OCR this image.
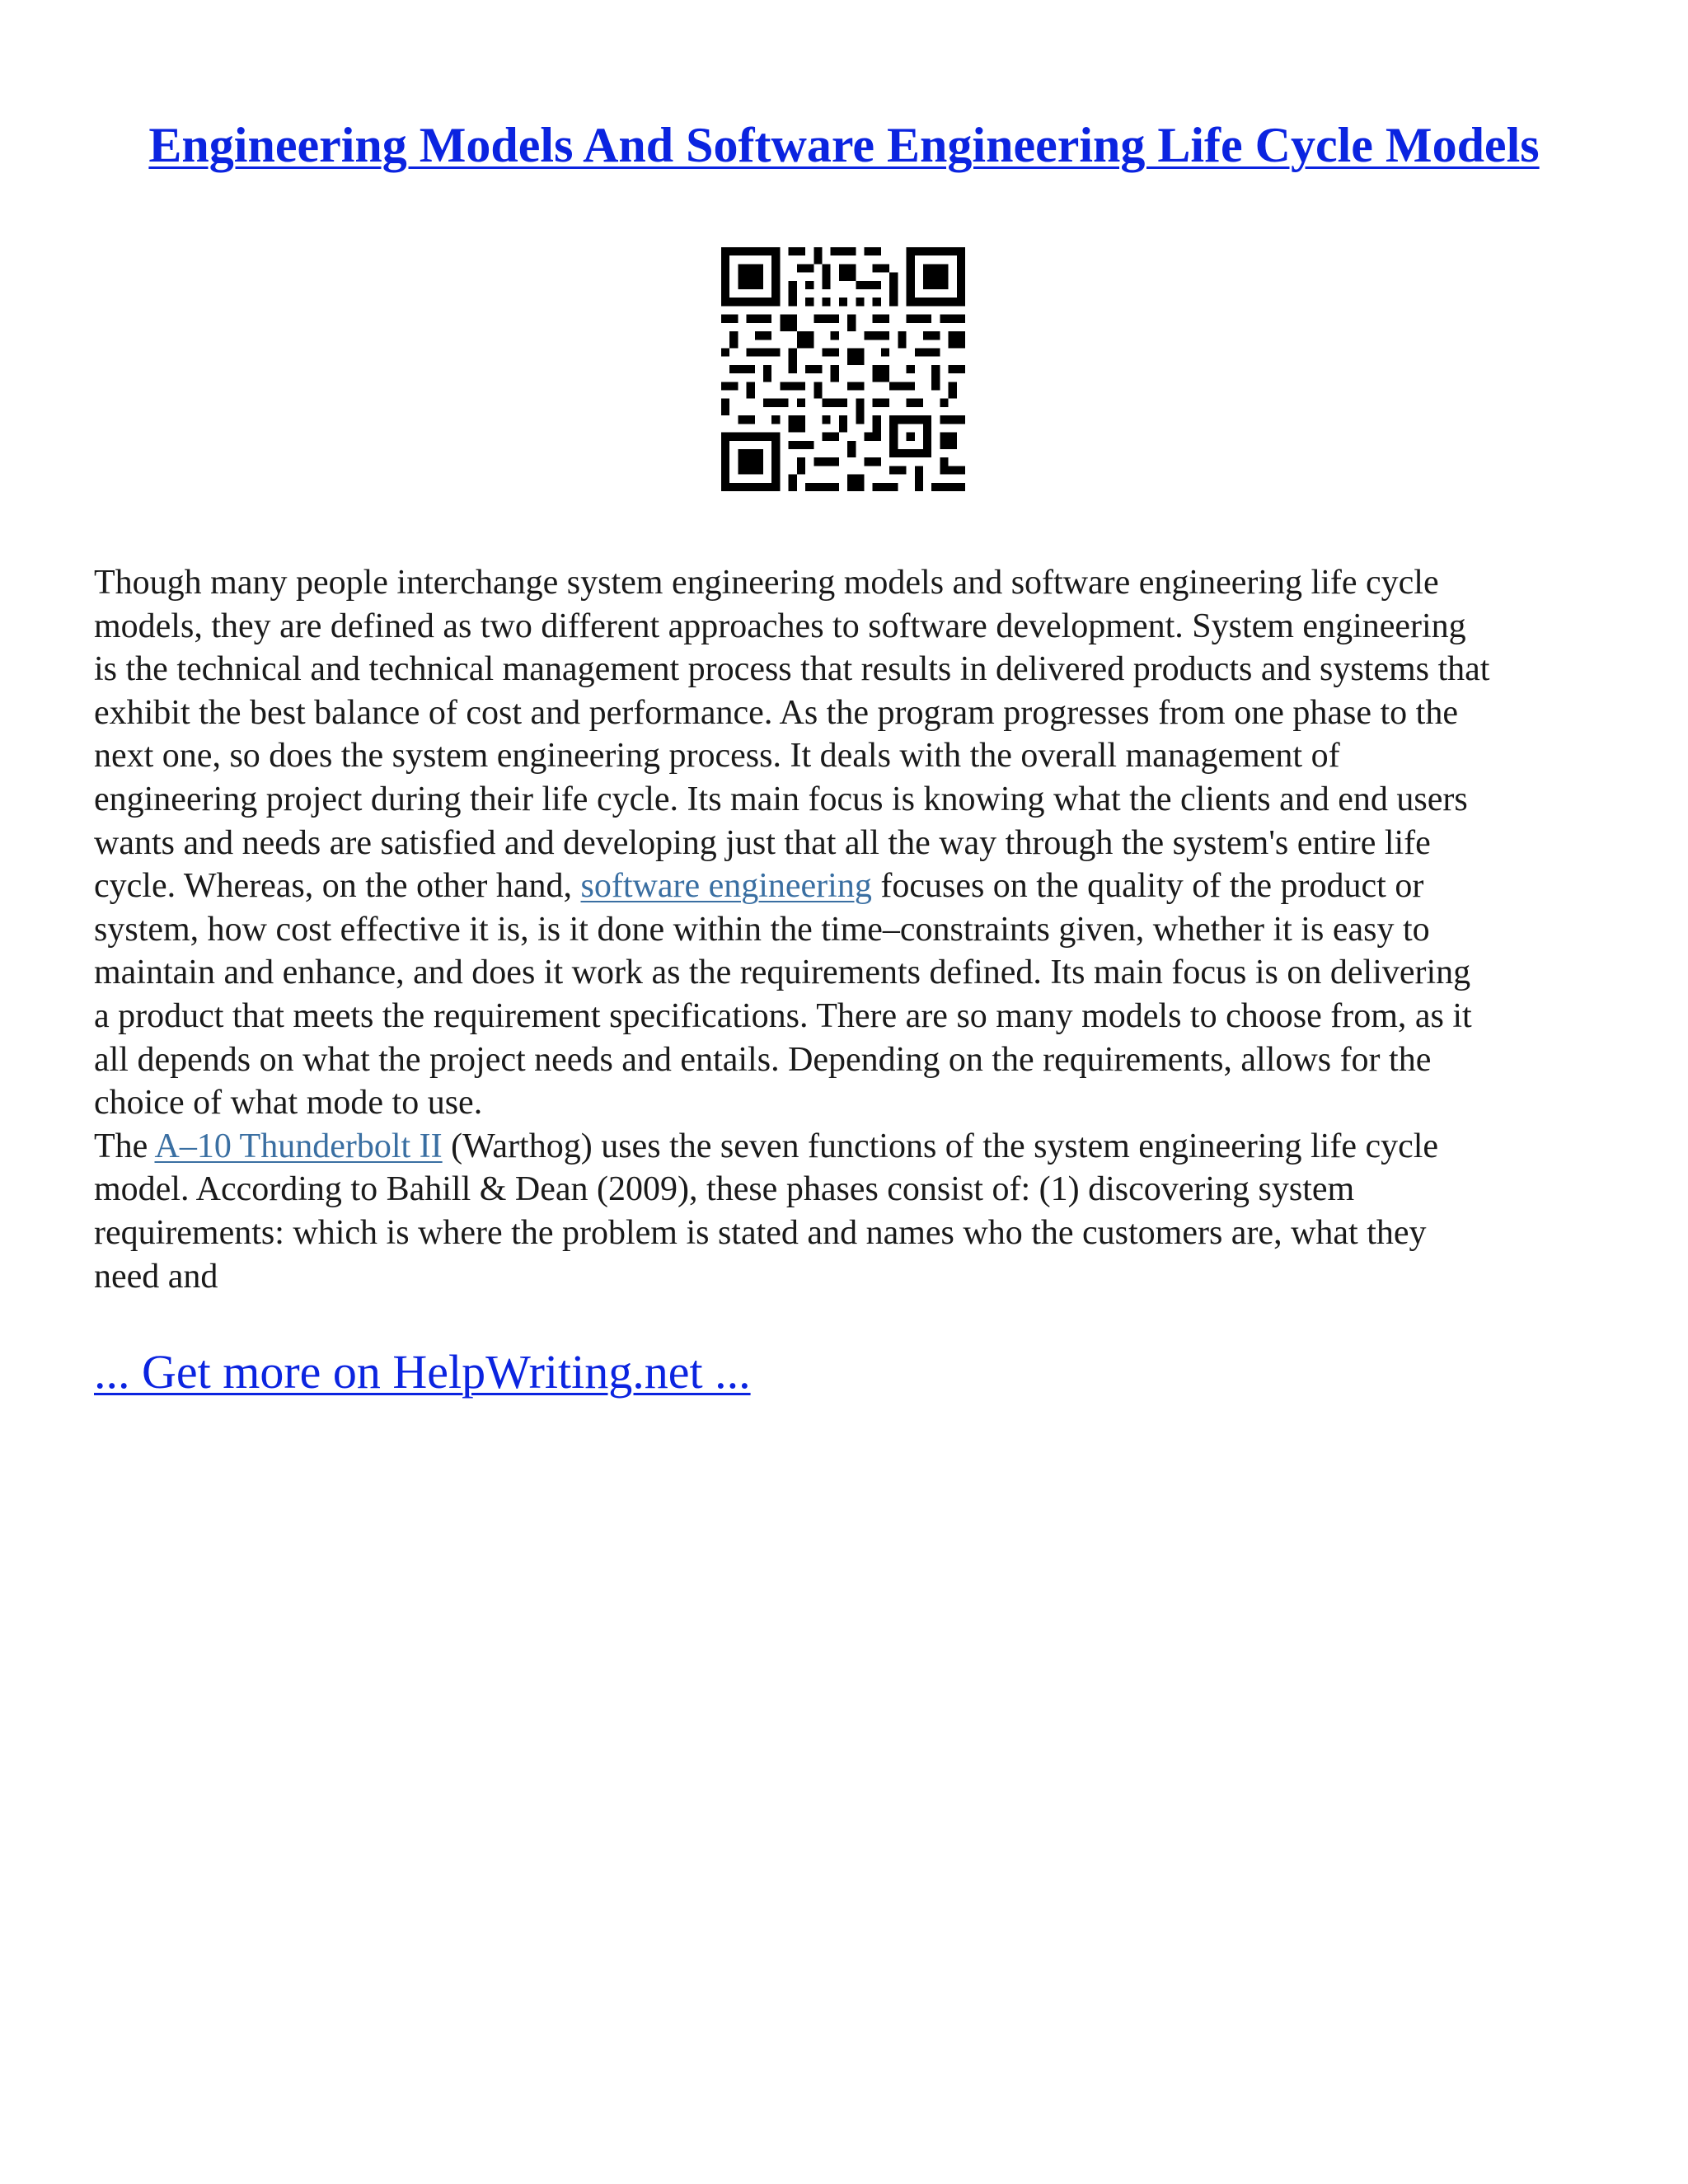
Engineering Models And Software Engineering Life Cycle Models

Though many people interchange system engineering models and software engineering life cycle
models, they are defined as two different approaches to software development. System engineering
is the technical and technical management process that results in delivered products and systems that
exhibit the best balance of cost and performance. As the program progresses from one phase to the
next one, so does the system engineering process. It deals with the overall management of
engineering project during their life cycle. Its main focus is knowing what the clients and end users
wants and needs are satisfied and developing just that all the way through the system's entire life
cycle. Whereas, on the other hand, software engineering focuses on the quality of the product or
system, how cost effective it is, is it done within the time–constraints given, whether it is easy to
maintain and enhance, and does it work as the requirements defined. Its main focus is on delivering
a product that meets the requirement specifications. There are so many models to choose from, as it
all depends on what the project needs and entails. Depending on the requirements, allows for the
choice of what mode to use.
The A–10 Thunderbolt II (Warthog) uses the seven functions of the system engineering life cycle
model. According to Bahill & Dean (2009), these phases consist of: (1) discovering system
requirements: which is where the problem is stated and names who the customers are, what they
need and

... Get more on HelpWriting.net ...
